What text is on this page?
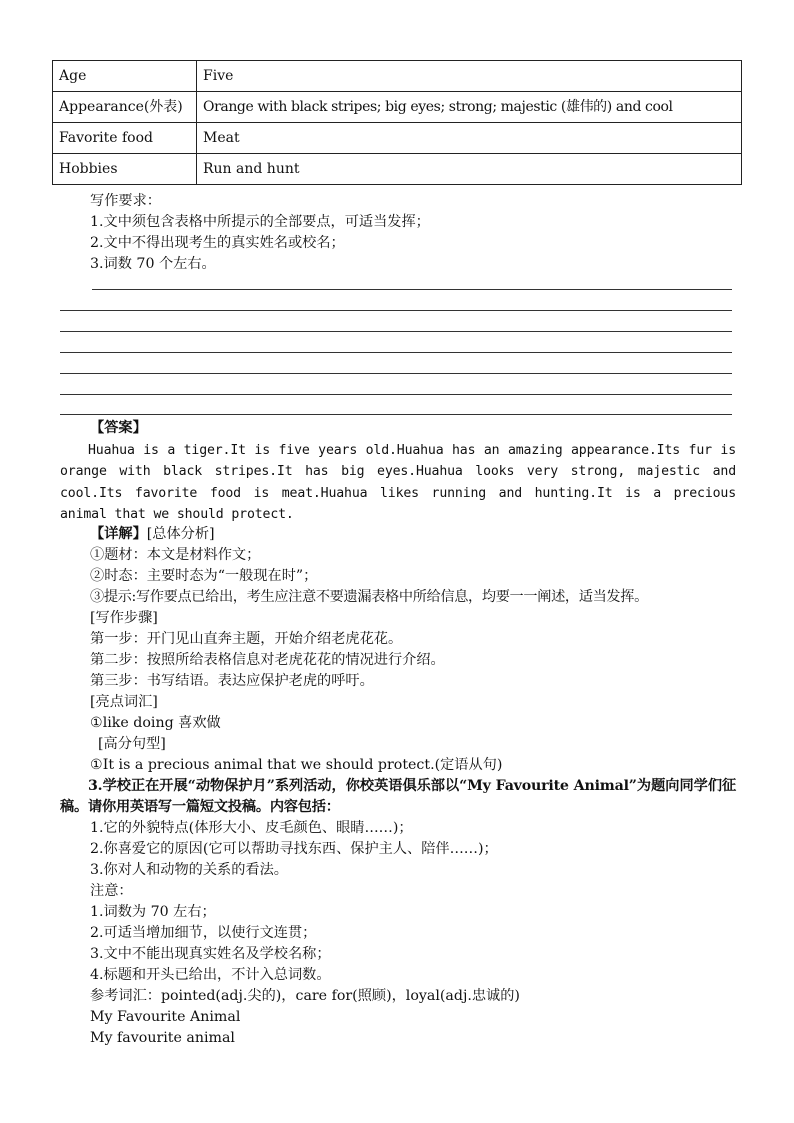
Age	Five
Appearance(外表)	Orange with black stripes; big eyes; strong; majestic (雄伟的) and cool
Favorite food	Meat
Hobbies	Run and hunt
写作要求：
1.文中须包含表格中所提示的全部要点，可适当发挥；
2.文中不得出现考生的真实姓名或校名；
3.词数 70 个左右。
【答案】
Huahua is a tiger.It is five years old.Huahua has an amazing appearance.Its fur is orange with black stripes.It has big eyes.Huahua looks very strong, majestic and cool.Its favorite food is meat.Huahua likes running and hunting.It is a precious animal that we should protect.
【详解】[总体分析]
①题材：本文是材料作文；
②时态：主要时态为“一般现在时”；
③提示:写作要点已给出，考生应注意不要遗漏表格中所给信息，均要一一阐述，适当发挥。
[写作步骤]
第一步：开门见山直奔主题，开始介绍老虎花花。
第二步：按照所给表格信息对老虎花花的情况进行介绍。
第三步：书写结语。表达应保护老虎的呼吁。
[亮点词汇]
①like doing 喜欢做
[高分句型]
①It is a precious animal that we should protect.(定语从句)
3.学校正在开展“动物保护月”系列活动，你校英语俱乐部以“My Favourite Animal”为题向同学们征稿。请你用英语写一篇短文投稿。内容包括：
1.它的外貌特点(体形大小、皮毛颜色、眼睛……)；
2.你喜爱它的原因(它可以帮助寻找东西、保护主人、陪伴……)；
3.你对人和动物的关系的看法。
注意：
1.词数为 70 左右；
2.可适当增加细节，以使行文连贯；
3.文中不能出现真实姓名及学校名称；
4.标题和开头已给出，不计入总词数。
参考词汇：pointed(adj.尖的)，care for(照顾)，loyal(adj.忠诚的)
My Favourite Animal
My favourite animal
